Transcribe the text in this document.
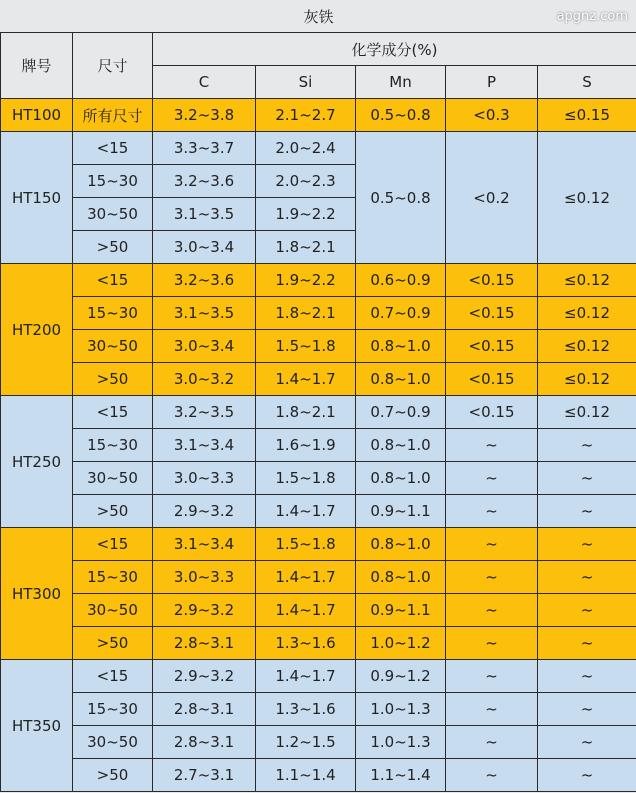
灰铁						
牌号	尺寸	化学成分(%)				
		C	Si	Mn	P	S
HT100	所有尺寸	3.2~3.8	2.1~2.7	0.5~0.8	<0.3	≤0.15
HT150	<15	3.3~3.7	2.0~2.4	0.5~0.8	<0.2	≤0.12
	15~30	3.2~3.6	2.0~2.3			
	30~50	3.1~3.5	1.9~2.2			
	>50	3.0~3.4	1.8~2.1			
HT200	<15	3.2~3.6	1.9~2.2	0.6~0.9	<0.15	≤0.12
	15~30	3.1~3.5	1.8~2.1	0.7~0.9	<0.15	≤0.12
	30~50	3.0~3.4	1.5~1.8	0.8~1.0	<0.15	≤0.12
	>50	3.0~3.2	1.4~1.7	0.8~1.0	<0.15	≤0.12
HT250	<15	3.2~3.5	1.8~2.1	0.7~0.9	<0.15	≤0.12
	15~30	3.1~3.4	1.6~1.9	0.8~1.0	~	~
	30~50	3.0~3.3	1.5~1.8	0.8~1.0	~	~
	>50	2.9~3.2	1.4~1.7	0.9~1.1	~	~
HT300	<15	3.1~3.4	1.5~1.8	0.8~1.0	~	~
	15~30	3.0~3.3	1.4~1.7	0.8~1.0	~	~
	30~50	2.9~3.2	1.4~1.7	0.9~1.1	~	~
	>50	2.8~3.1	1.3~1.6	1.0~1.2	~	~
HT350	<15	2.9~3.2	1.4~1.7	0.9~1.2	~	~
	15~30	2.8~3.1	1.3~1.6	1.0~1.3	~	~
	30~50	2.8~3.1	1.2~1.5	1.0~1.3	~	~
	>50	2.7~3.1	1.1~1.4	1.1~1.4	~	~
apgnz.com
